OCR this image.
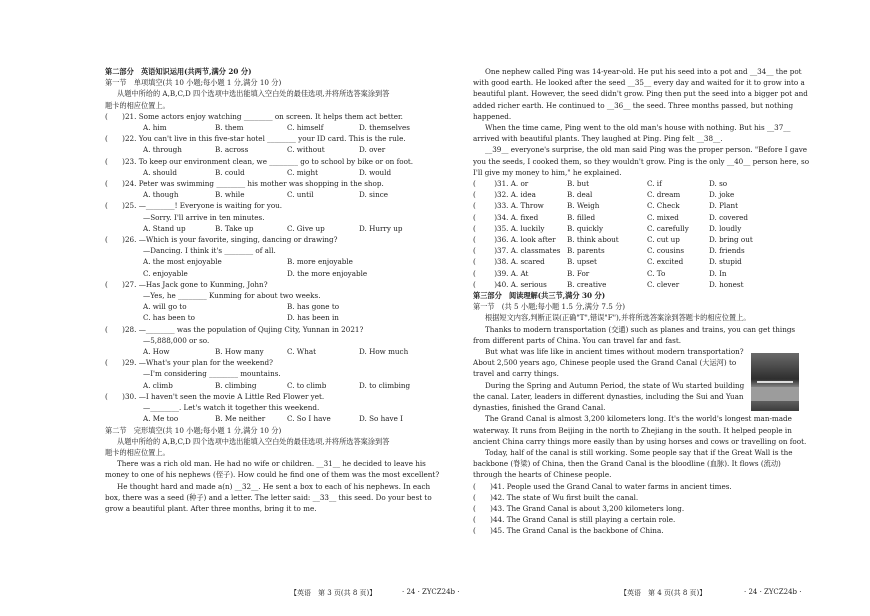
第二部分　英语知识运用(共两节,满分 20 分)
第一节　单项填空(共 10 小题;每小题 1 分,满分 10 分)
从题中所给的 A,B,C,D 四个选项中选出能填入空白处的最佳选项,并将所选答案涂到答
题卡的相应位置上。
(　　)21. Some actors enjoy watching ________ on screen. It helps them act better.
A. him	B. them	C. himself	D. themselves
(　　)22. You can't live in this five-star hotel ________ your ID card. This is the rule.
A. through	B. across	C. without	D. over
(　　)23. To keep our environment clean, we ________ go to school by bike or on foot.
A. should	B. could	C. might	D. would
(　　)24. Peter was swimming ________ his mother was shopping in the shop.
A. though	B. while	C. until	D. since
(　　)25. —________! Everyone is waiting for you.
—Sorry. I'll arrive in ten minutes.
A. Stand up	B. Take up	C. Give up	D. Hurry up
(　　)26. —Which is your favorite, singing, dancing or drawing?
—Dancing. I think it's ________ of all.
A. the most enjoyable	B. more enjoyable
C. enjoyable	D. the more enjoyable
(　　)27. —Has Jack gone to Kunming, John?
—Yes, he ________ Kunming for about two weeks.
A. will go to	B. has gone to
C. has been to	D. has been in
(　　)28. —________ was the population of Qujing City, Yunnan in 2021?
—5,888,000 or so.
A. How	B. How many	C. What	D. How much
(　　)29. —What's your plan for the weekend?
—I'm considering ________ mountains.
A. climb	B. climbing	C. to climb	D. to climbing
(　　)30. —I haven't seen the movie A Little Red Flower yet.
—________. Let's watch it together this weekend.
A. Me too	B. Me neither	C. So I have	D. So have I
第二节　完形填空(共 10 小题;每小题 1 分,满分 10 分)
从题中所给的 A,B,C,D 四个选项中选出能填入空白处的最佳选项,并将所选答案涂到答
题卡的相应位置上。
There was a rich old man. He had no wife or children. __31__ he decided to leave his
money to one of his nephews (侄子). How could he find one of them was the most excellent?
He thought hard and made a(n) __32__. He sent a box to each of his nephews. In each
box, there was a seed (种子) and a letter. The letter said: __33__ this seed. Do your best to
grow a beautiful plant. After three months, bring it to me.
One nephew called Ping was 14-year-old. He put his seed into a pot and __34__ the pot
with good earth. He looked after the seed __35__ every day and waited for it to grow into a
beautiful plant. However, the seed didn't grow. Ping then put the seed into a bigger pot and
added richer earth. He continued to __36__ the seed. Three months passed, but nothing
happened.
When the time came, Ping went to the old man's house with nothing. But his __37__
arrived with beautiful plants. They laughed at Ping. Ping felt __38__.
__39__ everyone's surprise, the old man said Ping was the proper person. "Before I gave
you the seeds, I cooked them, so they wouldn't grow. Ping is the only __40__ person here, so
I'll give my money to him," he explained.
(	　)31. A. or	B. but	C. if	D. so
(	　)32. A. idea	B. deal	C. dream	D. joke
(	　)33. A. Throw	B. Weigh	C. Check	D. Plant
(	　)34. A. fixed	B. filled	C. mixed	D. covered
(	　)35. A. luckily	B. quickly	C. carefully	D. loudly
(	　)36. A. look after	B. think about	C. cut up	D. bring out
(	　)37. A. classmates B. parents	C. cousins	D. friends
(	　)38. A. scared	B. upset	C. excited	D. stupid
(	　)39. A. At	B. For	C. To	D. In
(	　)40. A. serious	B. creative	C. clever	D. honest
第三部分　阅读理解(共三节,满分 30 分)
第一节　(共 5 小题;每小题 1.5 分,满分 7.5 分)
根据短文内容,判断正误(正确"T",错误"F"),并将所选答案涂到答题卡的相应位置上。
Thanks to modern transportation (交通) such as planes and trains, you can get things
from different parts of China. You can travel far and fast.
But what was life like in ancient times without modern transportation?
About 2,500 years ago, Chinese people used the Grand Canal (大运河) to
travel and carry things.
During the Spring and Autumn Period, the state of Wu started building
the canal. Later, leaders in different dynasties, including the Sui and Yuan
dynasties, finished the Grand Canal.
The Grand Canal is almost 3,200 kilometers long. It's the world's longest man-made
waterway. It runs from Beijing in the north to Zhejiang in the south. It helped people in
ancient China carry things more easily than by using horses and cows or travelling on foot.
Today, half of the canal is still working. Some people say that if the Great Wall is the
backbone (脊梁) of China, then the Grand Canal is the bloodline (血脉). It flows (流动)
through the hearts of Chinese people.
(　　)41. People used the Grand Canal to water farms in ancient times.
(　　)42. The state of Wu first built the canal.
(　　)43. The Grand Canal is about 3,200 kilometers long.
(　　)44. The Grand Canal is still playing a certain role.
(　　)45. The Grand Canal is the backbone of China.
【英语　第 3 页(共 8 页)】	· 24 · ZYCZ24b ·	【英语　第 4 页(共 8 页)】	· 24 · ZYCZ24b ·
